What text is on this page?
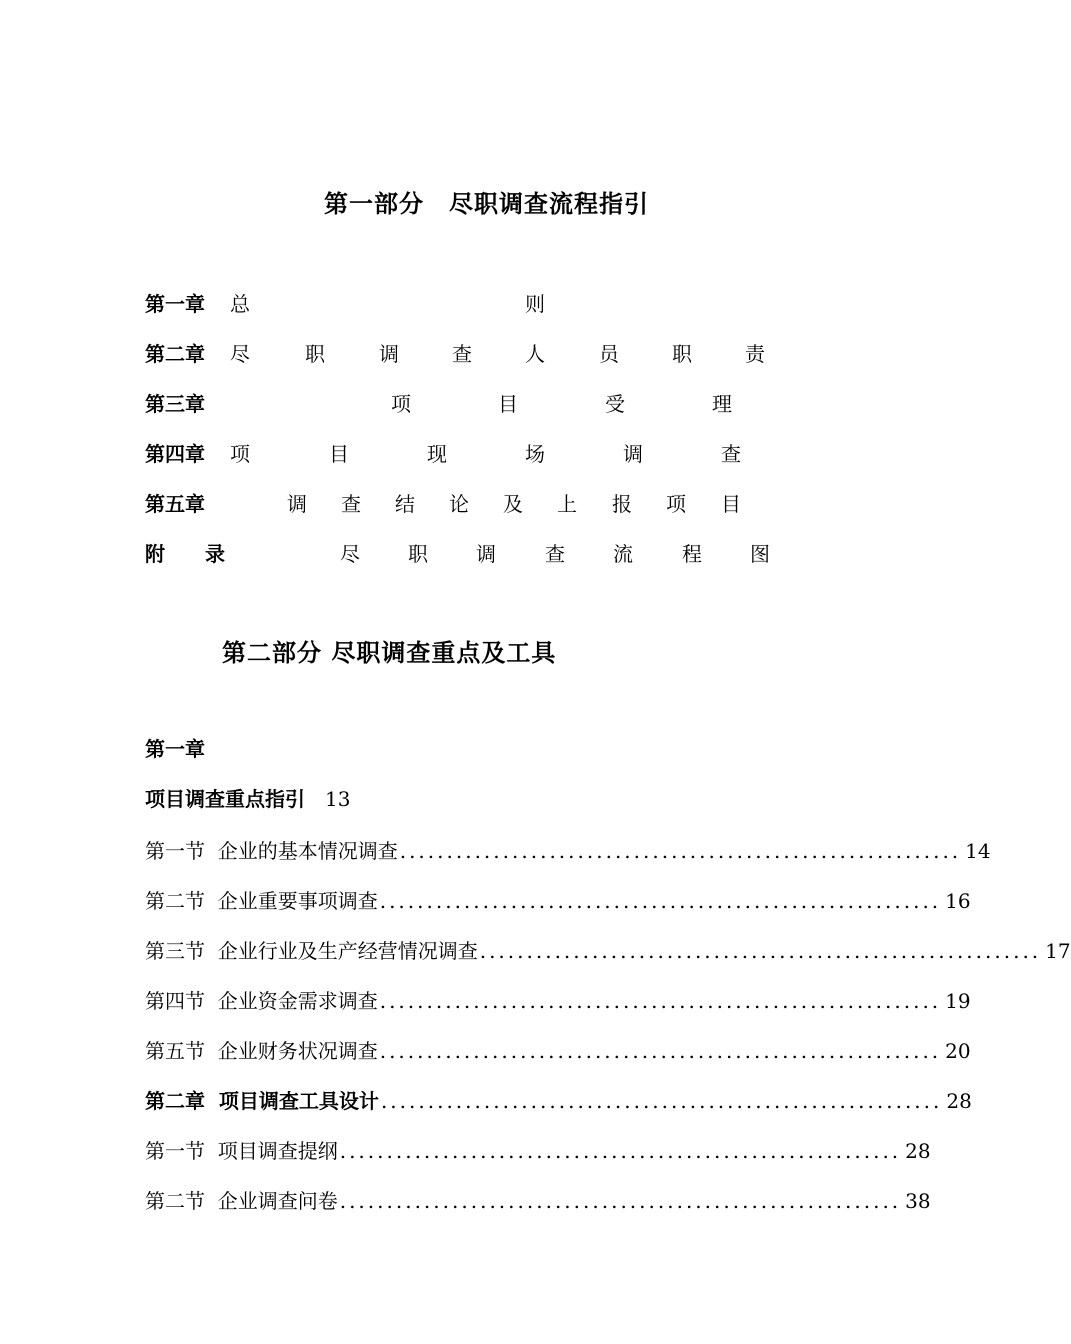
第一部分　尽职调查流程指引
第一章 总	则
第二章 尽	职	调	查	人	员	职	责
第三章	项	目	受	理
第四章 项	目	现	场	调	查
第五章	调 查 结 论 及 上 报 项 目
附　　录	尽 职 调 查 流 程 图
第二部分 尽职调查重点及工具
第一章
项目调查重点指引 13
第一节  企业的基本情况调查 ............................................................ 14
第二节  企业重要事项调查 ............................................................ 16
第三节  企业行业及生产经营情况调查 ............................................................ 17
第四节  企业资金需求调查 ............................................................ 19
第五节  企业财务状况调查 ............................................................ 20
第二章  项目调查工具设计 ............................................................ 28
第一节  项目调查提纲 ............................................................ 28
第二节  企业调查问卷 ............................................................ 38
